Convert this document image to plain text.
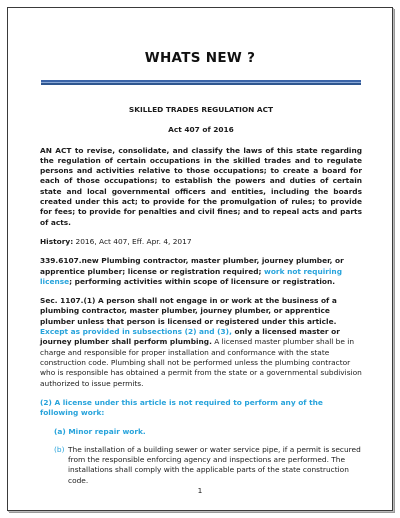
WHATS NEW ?
SKILLED TRADES REGULATION ACT
Act 407 of 2016

AN ACT to revise, consolidate, and classify the laws of this state regarding the regulation of certain occupations in the skilled trades and to regulate persons and activities relative to those occupations; to create a board for each of those occupations; to establish the powers and duties of certain state and local governmental officers and entities, including the boards created under this act; to provide for the promulgation of rules; to provide for fees; to provide for penalties and civil fines; and to repeal acts and parts of acts.

History: 2016, Act 407, Eff. Apr. 4, 2017

339.6107.new Plumbing contractor, master plumber, journey plumber, or apprentice plumber; license or registration required; work not requiring license; performing activities within scope of licensure or registration.

Sec. 1107.(1) A person shall not engage in or work at the business of a plumbing contractor, master plumber, journey plumber, or apprentice plumber unless that person is licensed or registered under this article. Except as provided in subsections (2) and (3), only a licensed master or journey plumber shall perform plumbing. A licensed master plumber shall be in charge and responsible for proper installation and conformance with the state construction code. Plumbing shall not be performed unless the plumbing contractor who is responsible has obtained a permit from the state or a governmental subdivision authorized to issue permits.

(2) A license under this article is not required to perform any of the following work:

(a) Minor repair work.
(b) The installation of a building sewer or water service pipe, if a permit is secured from the responsible enforcing agency and inspections are performed. The installations shall comply with the applicable parts of the state construction code.
1
